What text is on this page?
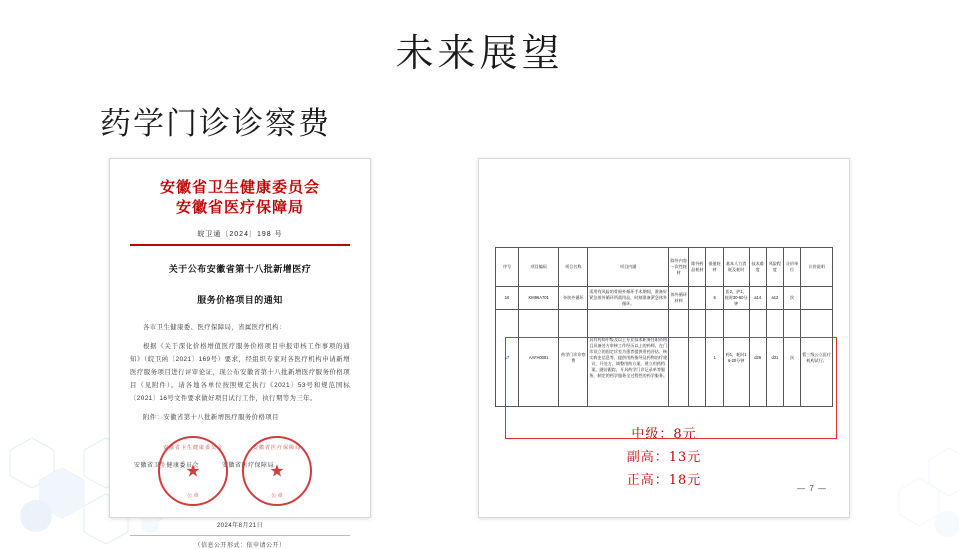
未来展望
药学门诊诊察费
安徽省卫生健康委员会
安徽省医疗保障局
皖卫通〔2024〕198 号
关于公布安徽省第十八批新增医疗
服务价格项目的通知

各市卫生健康委、医疗保障局，省属医疗机构：

根据《关于深化价格增值医疗服务价格项目申报审核工作事项的通知》（皖卫函〔2021〕169号）要求，经组织专家对各医疗机构申请新增医疗服务项目进行评审论证，现公布安徽省第十八批新增医疗服务价格项目（见附件）。请各地各单位按照规定执行《2021〕53号和规范国标〔2021〕16号文件要求做好项目试行工作，执行期等为三年。

附件：安徽省第十八批新增医疗服务价格项目

安徽省卫生健康委员会	安徽省医疗保障局
安徽省卫生健康委员会
★
公 章
安徽省医疗保障局
★
公 章
2024年8月21日
（信息公开形式：依申请公开）
序号	项目编码	项目名称	项目内涵	除外内容一次性耗材	除外药品耗材	低值耗材	基本人力消耗及耗时	技术难度	风险程度	计价单位	计价说明
16	KM96A701	杂块外循环	适用有风险的骨损外循环手术期间，准备好紧急体外循环所需用品，时刻准备紧急体外循环。	体外循环材料		6	医2，护1，耗时30-60分钟	a14	a12	次	
17	AAFA0001	药学门诊诊察费	具有药师中级及以上专业技术职务任职资格且具备处方审核工作经历以上的药师，在门诊设立的固定诊室为患者提供用药评估、核实病史信息等，提供用药指导及药物治疗建议，开处方、调整用药方案，建立用药档案，随访跟踪，开具药学门诊记录单等服务，制定的药学服务全过程性的药学服务。			1	药1，耗时16-20分钟	d26	d31	次	暂三级公立医疗机构试行。
中级：8元
副高：13元
正高：18元
— 7 —
